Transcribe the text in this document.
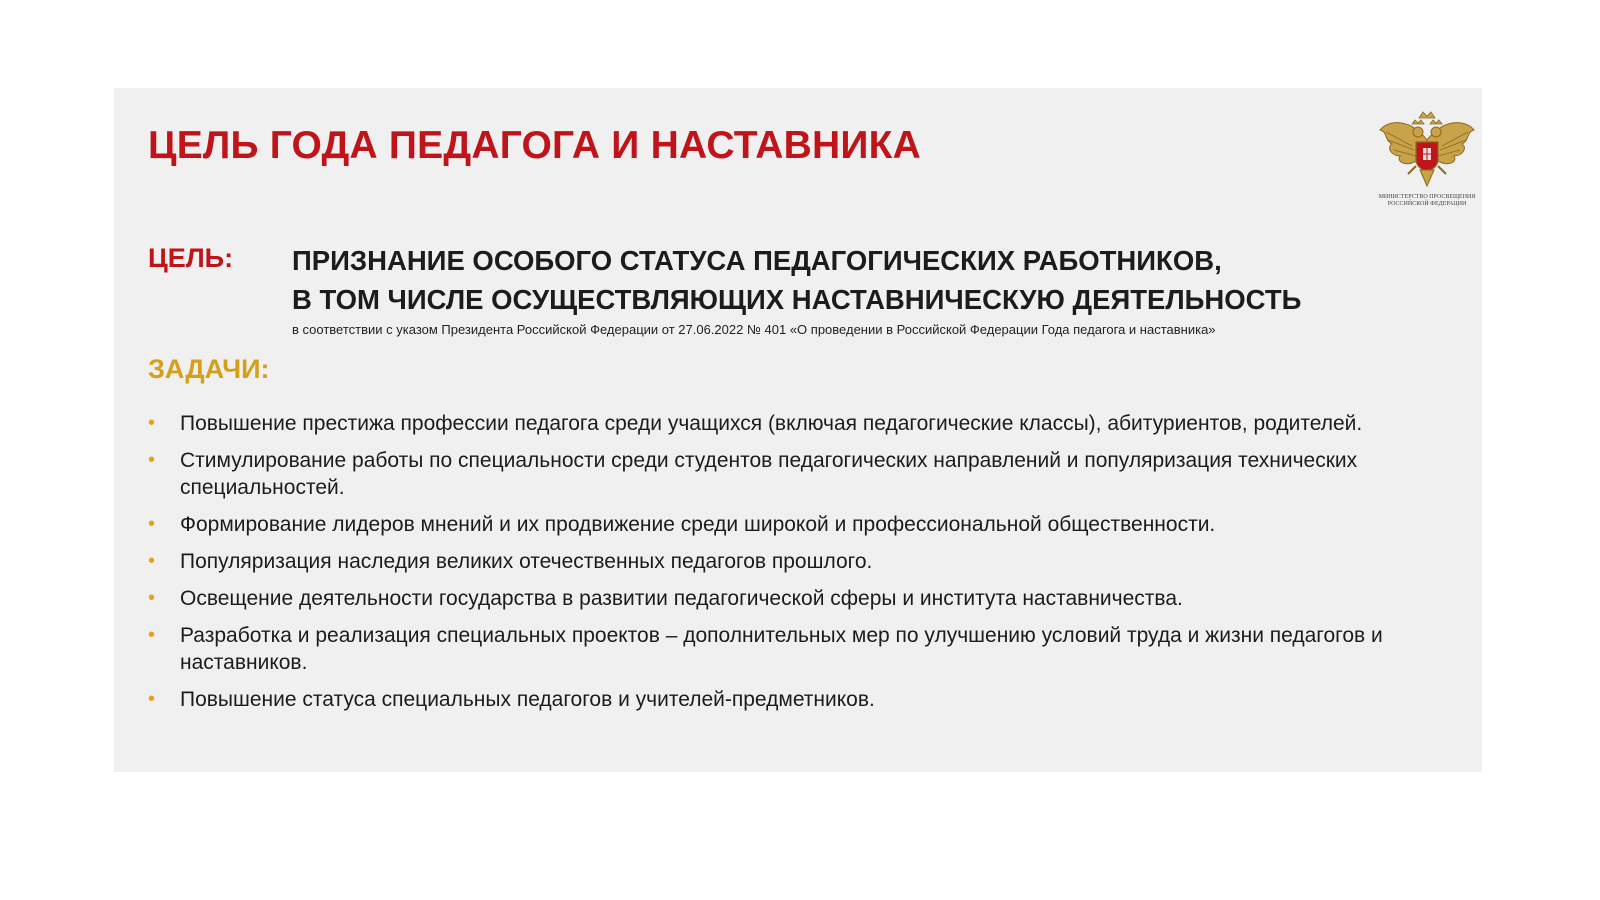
ЦЕЛЬ ГОДА ПЕДАГОГА И НАСТАВНИКА
МИНИСТЕРСТВО ПРОСВЕЩЕНИЯ РОССИЙСКОЙ ФЕДЕРАЦИИ
ЦЕЛЬ: ПРИЗНАНИЕ ОСОБОГО СТАТУСА ПЕДАГОГИЧЕСКИХ РАБОТНИКОВ,
В ТОМ ЧИСЛЕ ОСУЩЕСТВЛЯЮЩИХ НАСТАВНИЧЕСКУЮ ДЕЯТЕЛЬНОСТЬ
в соответствии с указом Президента Российской Федерации от 27.06.2022 № 401 «О проведении в Российской Федерации Года педагога и наставника»
ЗАДАЧИ:
• Повышение престижа профессии педагога среди учащихся (включая педагогические классы), абитуриентов, родителей.
• Стимулирование работы по специальности среди студентов педагогических направлений и популяризация технических специальностей.
• Формирование лидеров мнений и их продвижение среди широкой и профессиональной общественности.
• Популяризация наследия великих отечественных педагогов прошлого.
• Освещение деятельности государства в развитии педагогической сферы и института наставничества.
• Разработка и реализация специальных проектов – дополнительных мер по улучшению условий труда и жизни педагогов и наставников.
• Повышение статуса специальных педагогов и учителей-предметников.
